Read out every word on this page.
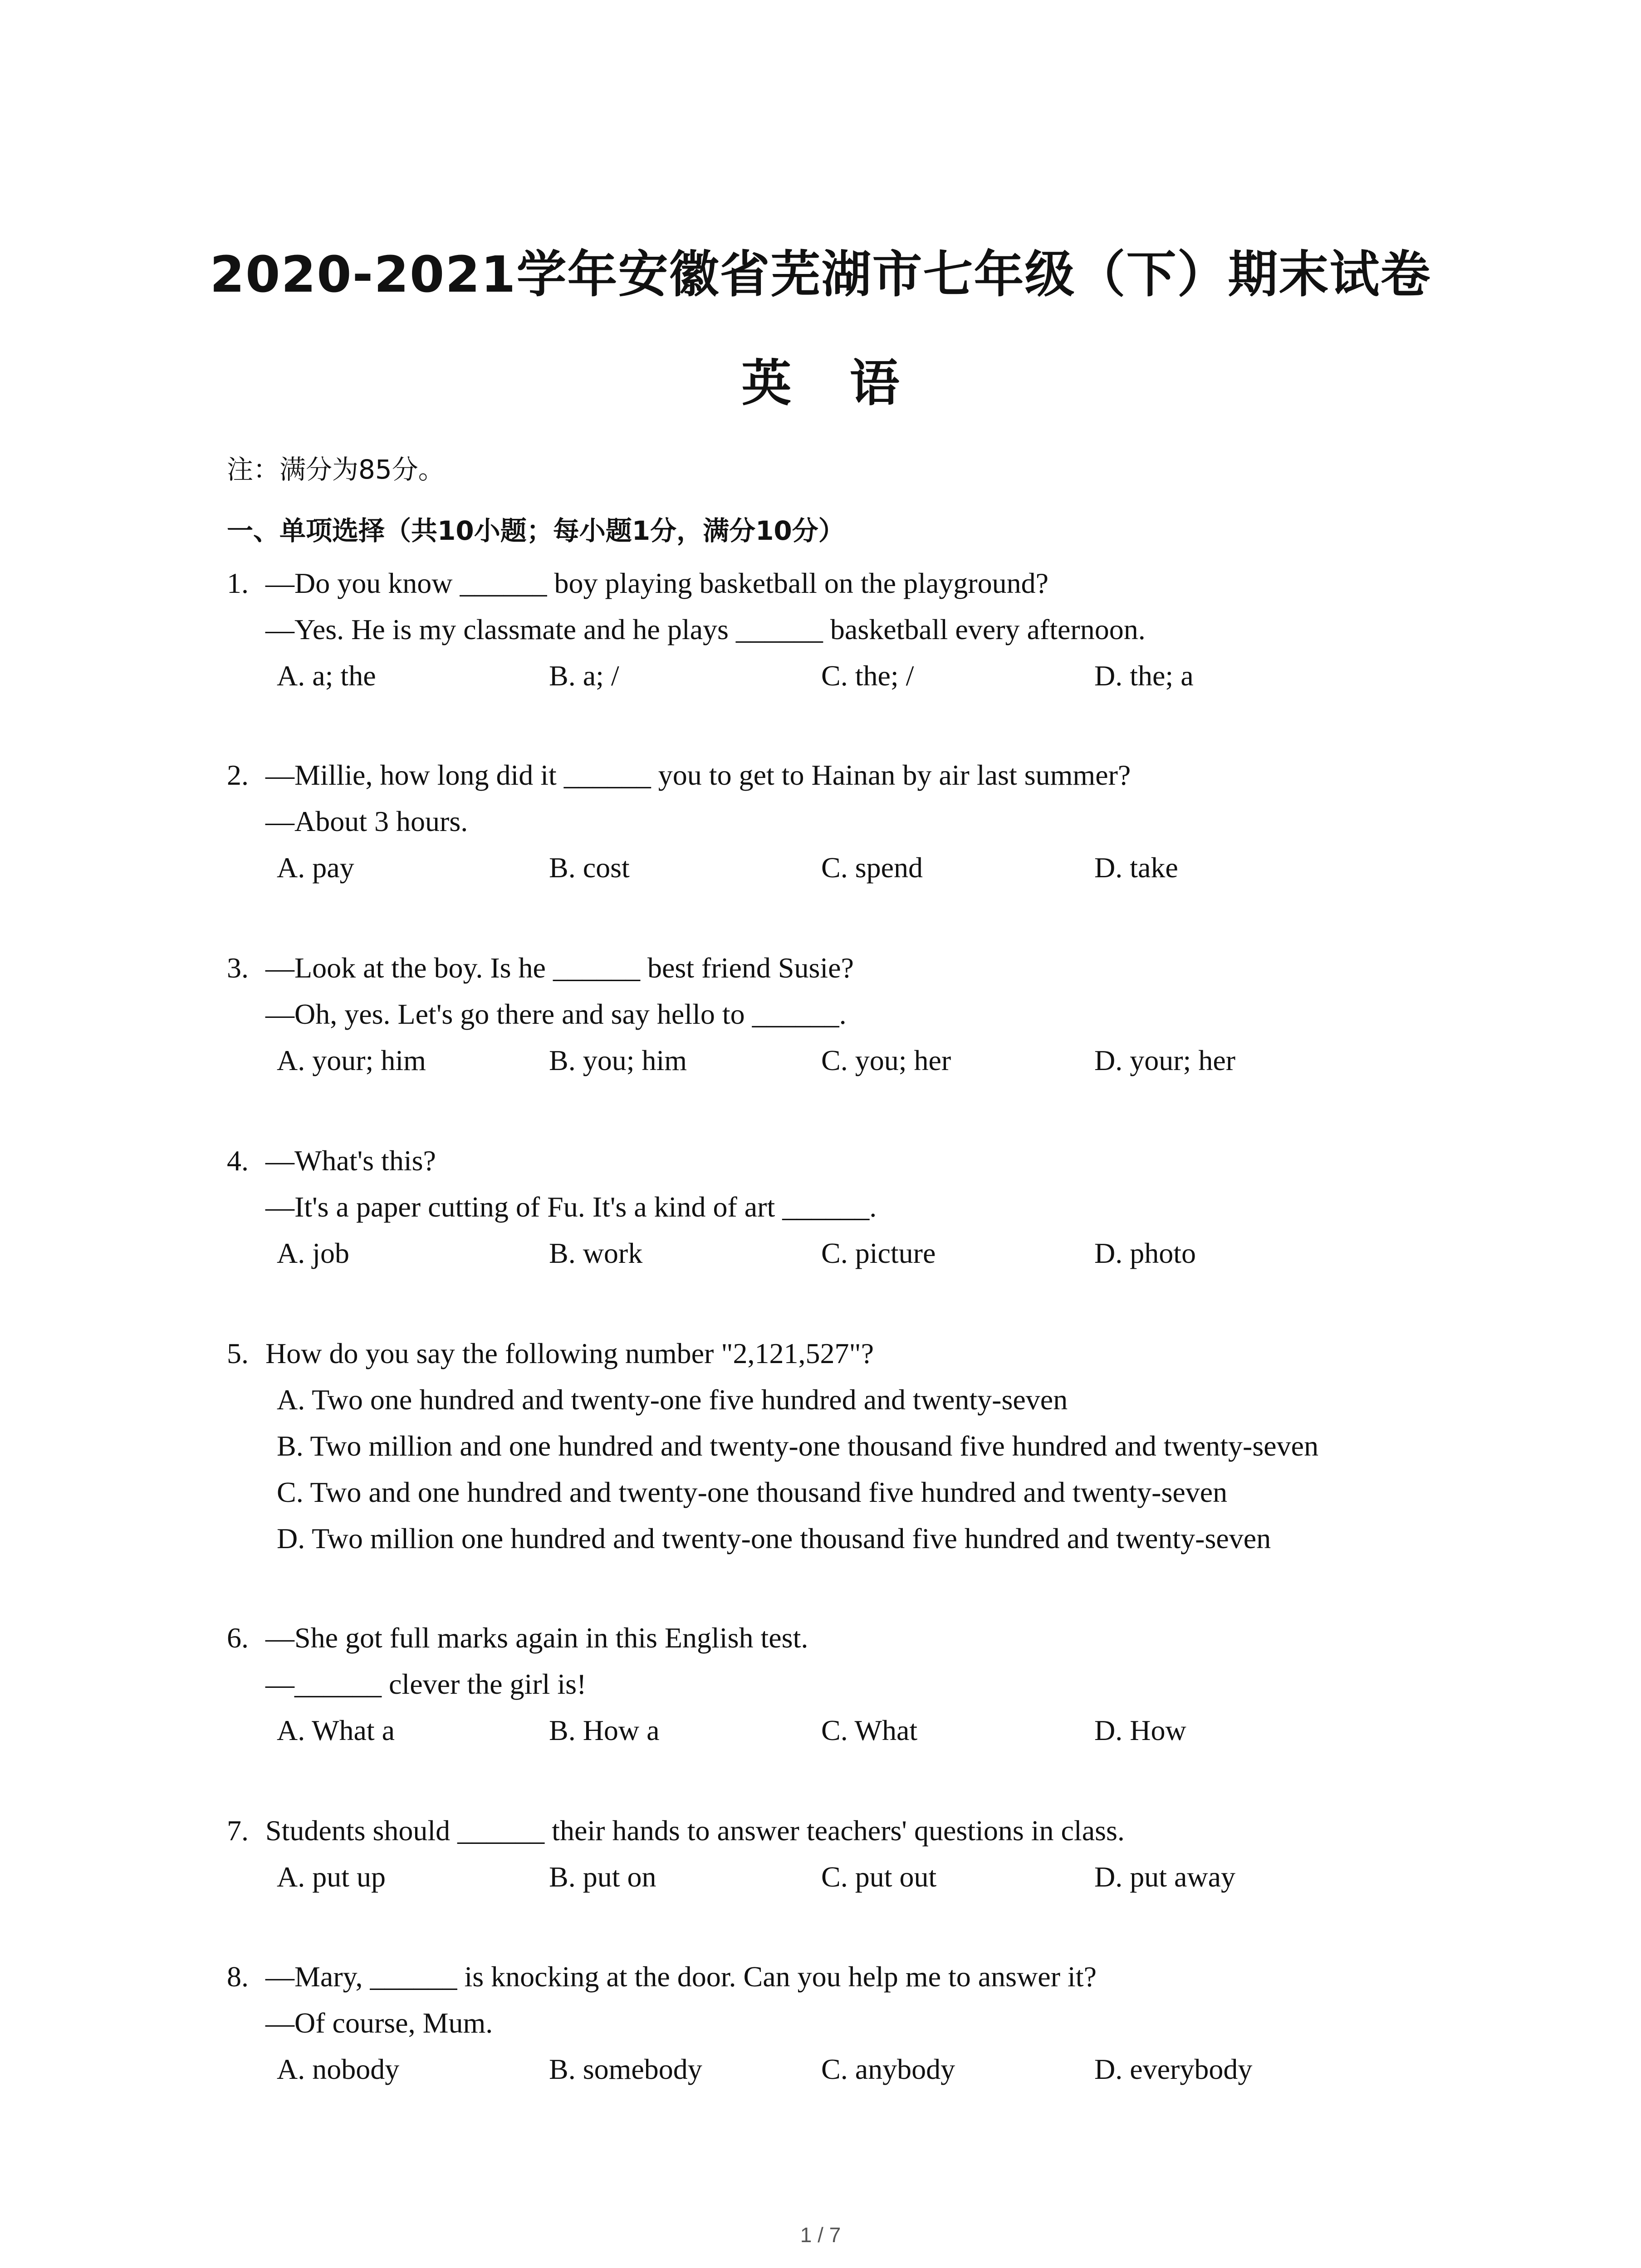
2020-2021学年安徽省芜湖市七年级（下）期末试卷
英 语
注：满分为85分。
一、单项选择（共10小题；每小题1分，满分10分）
1. —Do you know ______ boy playing basketball on the playground?
—Yes. He is my classmate and he plays ______ basketball every afternoon.
A. a; the	B. a; /	C. the; /	D. the; a
2. —Millie, how long did it ______ you to get to Hainan by air last summer?
—About 3 hours.
A. pay	B. cost	C. spend	D. take
3. —Look at the boy. Is he ______ best friend Susie?
—Oh, yes. Let's go there and say hello to ______.
A. your; him	B. you; him	C. you; her	D. your; her
4. —What's this?
—It's a paper cutting of Fu. It's a kind of art ______.
A. job	B. work	C. picture	D. photo
5. How do you say the following number "2,121,527"?
A. Two one hundred and twenty-one five hundred and twenty-seven
B. Two million and one hundred and twenty-one thousand five hundred and twenty-seven
C. Two and one hundred and twenty-one thousand five hundred and twenty-seven
D. Two million one hundred and twenty-one thousand five hundred and twenty-seven
6. —She got full marks again in this English test.
—______ clever the girl is!
A. What a	B. How a	C. What	D. How
7. Students should ______ their hands to answer teachers' questions in class.
A. put up	B. put on	C. put out	D. put away
8. —Mary, ______ is knocking at the door. Can you help me to answer it?
—Of course, Mum.
A. nobody	B. somebody	C. anybody	D. everybody
1 / 7
